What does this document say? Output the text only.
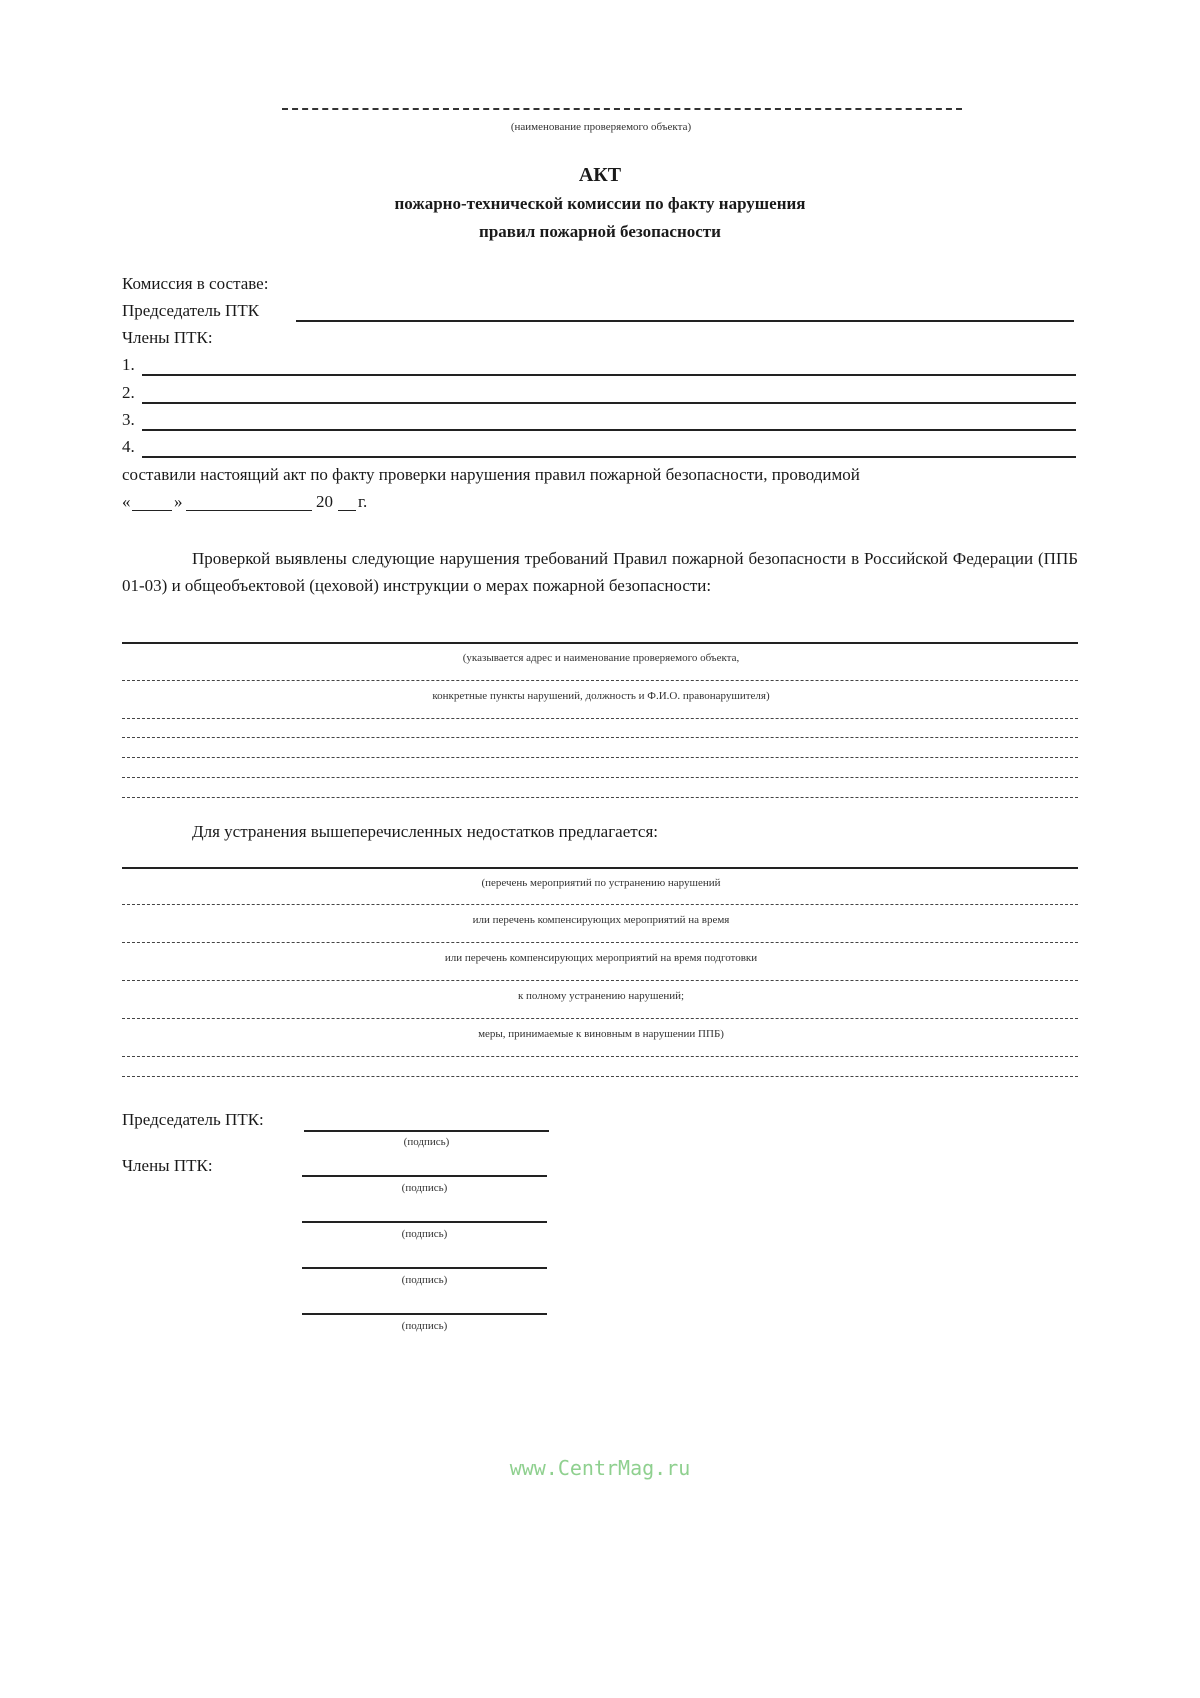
(наименование проверяемого объекта)
АКТ
пожарно-технической комиссии по факту нарушения
правил пожарной безопасности
Комиссия в составе:
Председатель ПТК
Члены ПТК:
1.
2.
3.
4.
составили настоящий акт по факту проверки нарушения правил пожарной безопасности, проводимой
«	»	20 г.
Проверкой выявлены следующие нарушения требований Правил пожарной безопасности в Российской Федерации (ППБ 01-03) и общеобъектовой (цеховой) инструкции о мерах пожарной безопасности:
(указывается адрес и наименование проверяемого объекта,
конкретные пункты нарушений, должность и Ф.И.О. правонарушителя)
Для устранения вышеперечисленных недостатков предлагается:
(перечень мероприятий по устранению нарушений
или перечень компенсирующих мероприятий на время
или перечень компенсирующих мероприятий на время подготовки
к полному устранению нарушений;
меры, принимаемые к виновным в нарушении ППБ)
Председатель ПТК:
(подпись)
Члены ПТК:
(подпись)
(подпись)
(подпись)
(подпись)
www.CentrMag.ru
